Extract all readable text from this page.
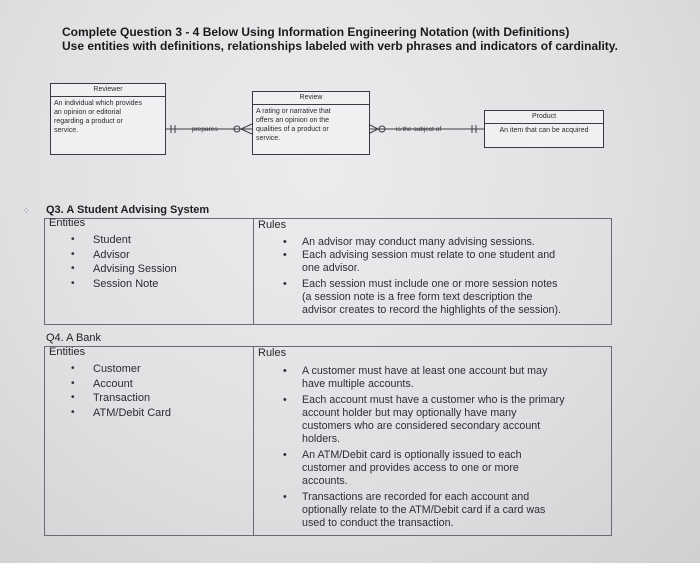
Complete Question 3 - 4 Below Using Information Engineering Notation (with Definitions)
Use entities with definitions, relationships labeled with verb phrases and indicators of cardinality.
prepares	is the subject of
Reviewer
An individual which provides
an opinion or editorial
regarding a product or
service.
Review
A rating or narrative that
offers an opinion on the
qualities of a product or
service.
Product
An item that can be acquired
⁘ Q3. A Student Advising System
Entities
• Student
• Advisor
• Advising Session
• Session Note
Rules
• An advisor may conduct many advising sessions.
• Each advising session must relate to one student and
one advisor.
• Each session must include one or more session notes
(a session note is a free form text description the
advisor creates to record the highlights of the session).
Q4. A Bank
Entities
• Customer
• Account
• Transaction
• ATM/Debit Card
Rules
• A customer must have at least one account but may
have multiple accounts.
• Each account must have a customer who is the primary
account holder but may optionally have many
customers who are considered secondary account
holders.
• An ATM/Debit card is optionally issued to each
customer and provides access to one or more
accounts.
• Transactions are recorded for each account and
optionally relate to the ATM/Debit card if a card was
used to conduct the transaction.
